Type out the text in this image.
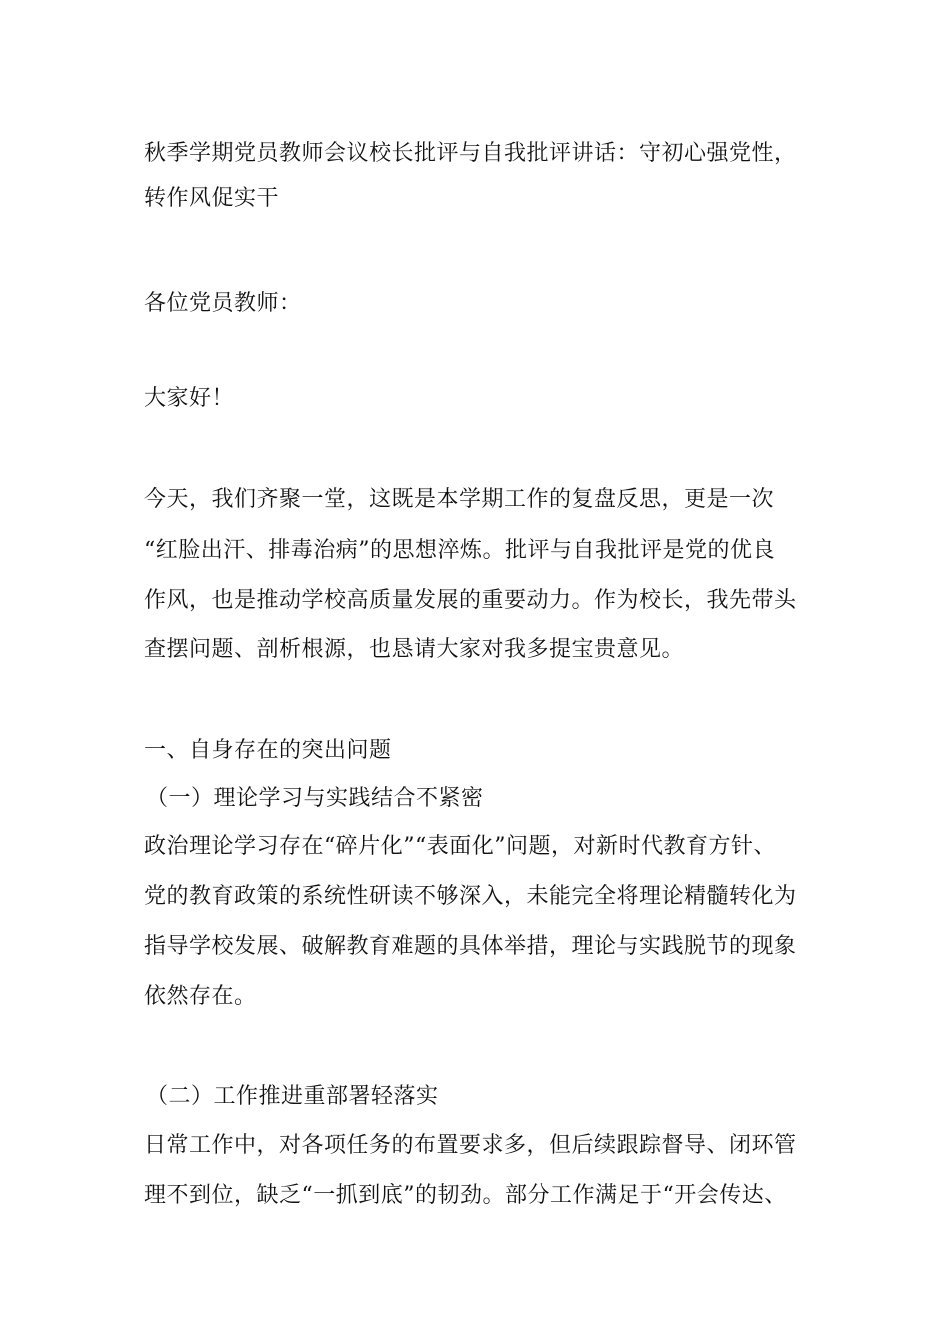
秋季学期党员教师会议校长批评与自我批评讲话：守初心强党性，
转作风促实干
各位党员教师：
大家好！
今天，我们齐聚一堂，这既是本学期工作的复盘反思，更是一次
“红脸出汗、排毒治病”的思想淬炼。批评与自我批评是党的优良
作风，也是推动学校高质量发展的重要动力。作为校长，我先带头
查摆问题、剖析根源，也恳请大家对我多提宝贵意见。
一、自身存在的突出问题
（一）理论学习与实践结合不紧密
政治理论学习存在“碎片化”“表面化”问题，对新时代教育方针、
党的教育政策的系统性研读不够深入，未能完全将理论精髓转化为
指导学校发展、破解教育难题的具体举措，理论与实践脱节的现象
依然存在。
（二）工作推进重部署轻落实
日常工作中，对各项任务的布置要求多，但后续跟踪督导、闭环管
理不到位，缺乏“一抓到底”的韧劲。部分工作满足于“开会传达、
